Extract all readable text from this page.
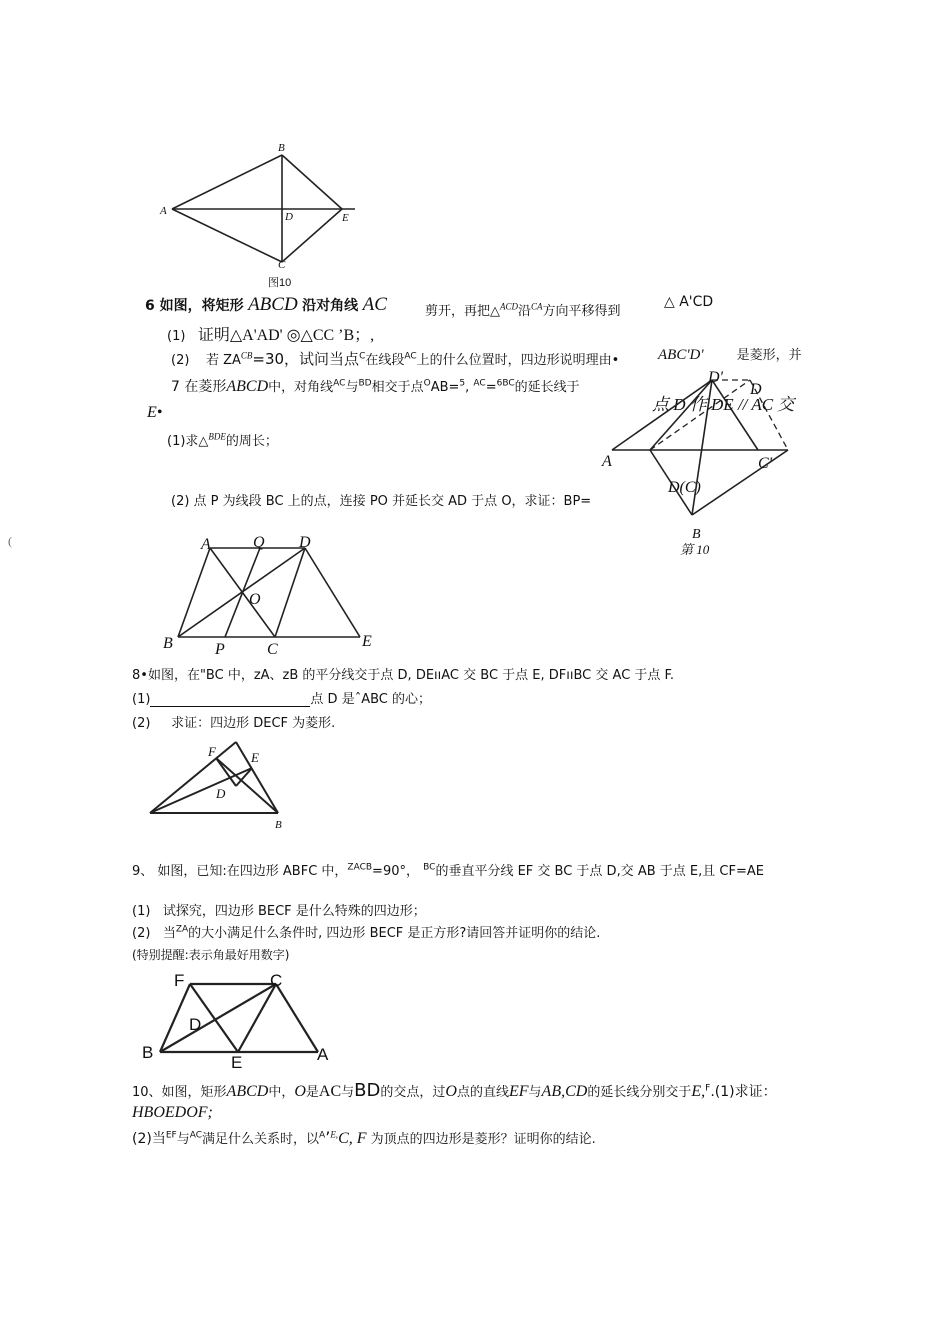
A
B
D	E
C
图10
6 如图，将矩形 ABCD 沿对角线 AC	剪开，再把△$^{ACD}$沿$^{CA}$方向平移得到
△ A'CD
(1) 证明△A'AD' ◎△CC ’B；,
(2) 若 $ZA^{CB}=30$，试问当点$^C$在线段$^{AC}$上的什么位置时，四边形说明理由•	ABC'D'	是菱形，并
7 在菱形ABCD中，对角线$^{AC}$与$^{BD}$相交于点$^O$AB=$^5$, $^{AC}$=$^{6BC}$的延长线于
E•
(1)求△$^{BDE}$的周长；
(2) 点 P 为线段 BC 上的点，连接 PO 并延长交 AD 于点 O，求证：BP=
点 D 作 DE // AC 交
(
A
D'
D
C'
D(C)
B
第 10
A	Q D
O
B	P	C	E
8•如图，在"BC 中，zA、zB 的平分线交于点 D, DEııAC 交 BC 于点 E, DFııBC 交 AC 于点 F.
(1)	点 D 是ˆABC 的心；
(2) 求证：四边形 DECF 为菱形.
F	E
D
B
9、 如图，已知:在四边形 ABFC 中，$^{ZACB}$=90°， $^{BC}$的垂直平分线 EF 交 BC 于点 D,交 AB 于点 E,且 CF=AE
(1) 试探究，四边形 BECF 是什么特殊的四边形；
(2) 当$^{ZA}$的大小满足什么条件时, 四边形 BECF 是正方形?请回答并证明你的结论.
(特别提醒:表示角最好用数字)
F	C
D
B
E	A
10、如图，矩形ABCD中，O是AC与BD的交点，过O点的直线EF与AB,CD的延长线分别交于E,$^F$.(1)求证：
HBOEDOF;
(2)当$^{EF}$与$^{AC}$满足什么关系时，以$^A$’$^{E,}$C, F 为顶点的四边形是菱形？证明你的结论.
